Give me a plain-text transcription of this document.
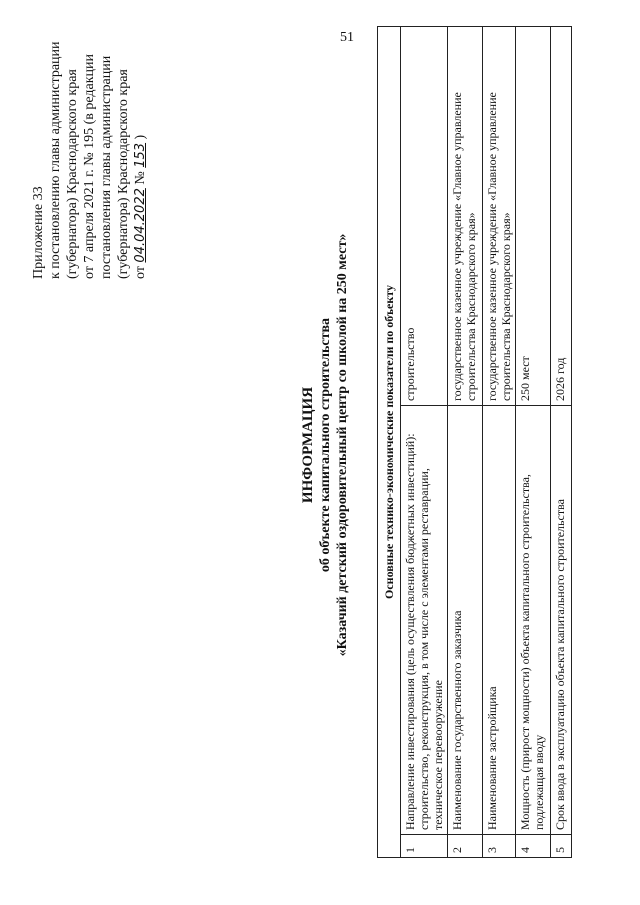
51
Приложение 33 к постановлению главы администрации (губернатора) Краснодарского края от 7 апреля 2021 г. № 195 (в редакции постановления главы администрации (губернатора) Краснодарского края от 04.04.2022 № 153 )
ИНФОРМАЦИЯ об объекте капитального строительства «Казачий детский оздоровительный центр со школой на 250 мест»	Основные технико-экономические показатели по объекту		
1	Направление инвестирования (цель осуществления бюджетных инвестиций): строительство, реконструкция, в том числе с элементами реставрации, техническое перевооружение	строительство
2	Наименование государственного заказчика	государственное казенное учреждение «Главное управление строительства Краснодарского края»
3	Наименование застройщика	государственное казенное учреждение «Главное управление строительства Краснодарского края»
4	Мощность (прирост мощности) объекта капитального строительства, подлежащая вводу	250 мест
5	Срок ввода в эксплуатацию объекта капитального строительства	2026 год
